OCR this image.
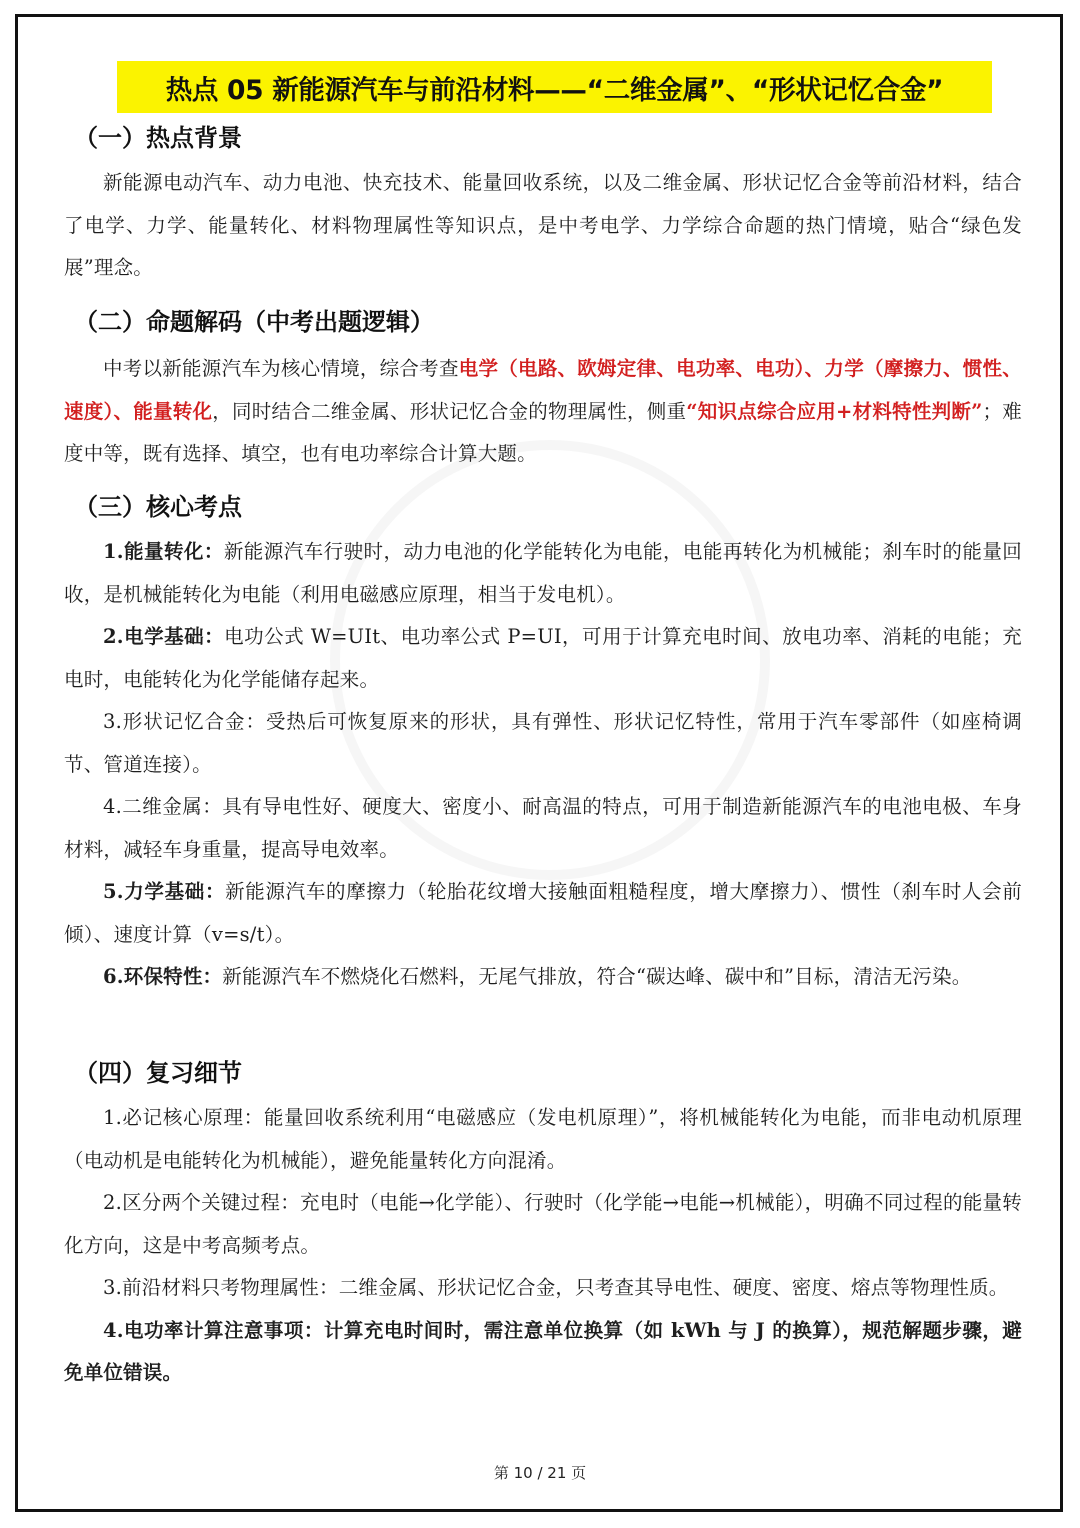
热点 05 新能源汽车与前沿材料——“二维金属”、“形状记忆合金”
（一）热点背景

新能源电动汽车、动力电池、快充技术、能量回收系统，以及二维金属、形状记忆合金等前沿材料，结合了电学、力学、能量转化、材料物理属性等知识点，是中考电学、力学综合命题的热门情境，贴合“绿色发展”理念。

（二）命题解码（中考出题逻辑）

中考以新能源汽车为核心情境，综合考查电学（电路、欧姆定律、电功率、电功）、力学（摩擦力、惯性、速度）、能量转化，同时结合二维金属、形状记忆合金的物理属性，侧重“知识点综合应用+材料特性判断”；难度中等，既有选择、填空，也有电功率综合计算大题。

（三）核心考点

1.能量转化：新能源汽车行驶时，动力电池的化学能转化为电能，电能再转化为机械能；刹车时的能量回收，是机械能转化为电能（利用电磁感应原理，相当于发电机）。

2.电学基础：电功公式 W=UIt、电功率公式 P=UI，可用于计算充电时间、放电功率、消耗的电能；充电时，电能转化为化学能储存起来。

3.形状记忆合金：受热后可恢复原来的形状，具有弹性、形状记忆特性，常用于汽车零部件（如座椅调节、管道连接）。

4.二维金属：具有导电性好、硬度大、密度小、耐高温的特点，可用于制造新能源汽车的电池电极、车身材料，减轻车身重量，提高导电效率。

5.力学基础：新能源汽车的摩擦力（轮胎花纹增大接触面粗糙程度，增大摩擦力）、惯性（刹车时人会前倾）、速度计算（v=s/t）。

6.环保特性：新能源汽车不燃烧化石燃料，无尾气排放，符合“碳达峰、碳中和”目标，清洁无污染。

（四）复习细节

1.必记核心原理：能量回收系统利用“电磁感应（发电机原理）”，将机械能转化为电能，而非电动机原理（电动机是电能转化为机械能），避免能量转化方向混淆。

2.区分两个关键过程：充电时（电能→化学能）、行驶时（化学能→电能→机械能），明确不同过程的能量转化方向，这是中考高频考点。

3.前沿材料只考物理属性：二维金属、形状记忆合金，只考查其导电性、硬度、密度、熔点等物理性质。

4.电功率计算注意事项：计算充电时间时，需注意单位换算（如 kWh 与 J 的换算），规范解题步骤，避免单位错误。

第 10 / 21 页
